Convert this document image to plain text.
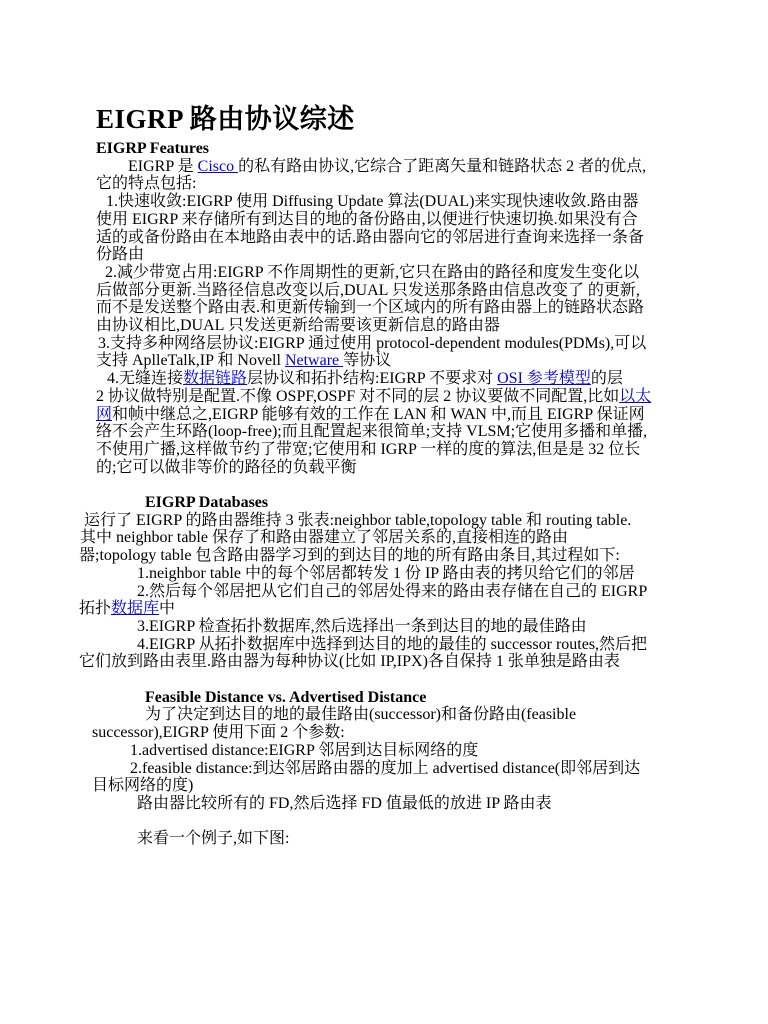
EIGRP 路由协议综述
EIGRP Features
EIGRP 是 Cisco 的私有路由协议,它综合了距离矢量和链路状态 2 者的优点,
它的特点包括:
1.快速收敛:EIGRP 使用 Diffusing Update 算法(DUAL)来实现快速收敛.路由器
使用 EIGRP 来存储所有到达目的地的备份路由,以便进行快速切换.如果没有合
适的或备份路由在本地路由表中的话.路由器向它的邻居进行查询来选择一条备
份路由
2.减少带宽占用:EIGRP 不作周期性的更新,它只在路由的路径和度发生变化以
后做部分更新.当路径信息改变以后,DUAL 只发送那条路由信息改变了 的更新,
而不是发送整个路由表.和更新传输到一个区域内的所有路由器上的链路状态路
由协议相比,DUAL 只发送更新给需要该更新信息的路由器
3.支持多种网络层协议:EIGRP 通过使用 protocol-dependent modules(PDMs),可以
支持 AplleTalk,IP 和 Novell Netware 等协议
4.无缝连接数据链路层协议和拓扑结构:EIGRP 不要求对 OSI 参考模型的层
2 协议做特别是配置.不像 OSPF,OSPF 对不同的层 2 协议要做不同配置,比如以太
网和帧中继总之,EIGRP 能够有效的工作在 LAN 和 WAN 中,而且 EIGRP 保证网
络不会产生环路(loop-free);而且配置起来很简单;支持 VLSM;它使用多播和单播,
不使用广播,这样做节约了带宽;它使用和 IGRP 一样的度的算法,但是是 32 位长
的;它可以做非等价的路径的负载平衡
EIGRP Databases
运行了 EIGRP 的路由器维持 3 张表:neighbor table,topology table 和 routing table.
其中 neighbor table 保存了和路由器建立了邻居关系的,直接相连的路由
器;topology table 包含路由器学习到的到达目的地的所有路由条目,其过程如下:
1.neighbor table 中的每个邻居都转发 1 份 IP 路由表的拷贝给它们的邻居
2.然后每个邻居把从它们自己的邻居处得来的路由表存储在自己的 EIGRP
拓扑数据库中
3.EIGRP 检查拓扑数据库,然后选择出一条到达目的地的最佳路由
4.EIGRP 从拓扑数据库中选择到达目的地的最佳的 successor routes,然后把
它们放到路由表里.路由器为每种协议(比如 IP,IPX)各自保持 1 张单独是路由表
Feasible Distance vs. Advertised Distance
为了决定到达目的地的最佳路由(successor)和备份路由(feasible
successor),EIGRP 使用下面 2 个参数:
1.advertised distance:EIGRP 邻居到达目标网络的度
2.feasible distance:到达邻居路由器的度加上 advertised distance(即邻居到达
目标网络的度)
路由器比较所有的 FD,然后选择 FD 值最低的放进 IP 路由表
来看一个例子,如下图:
